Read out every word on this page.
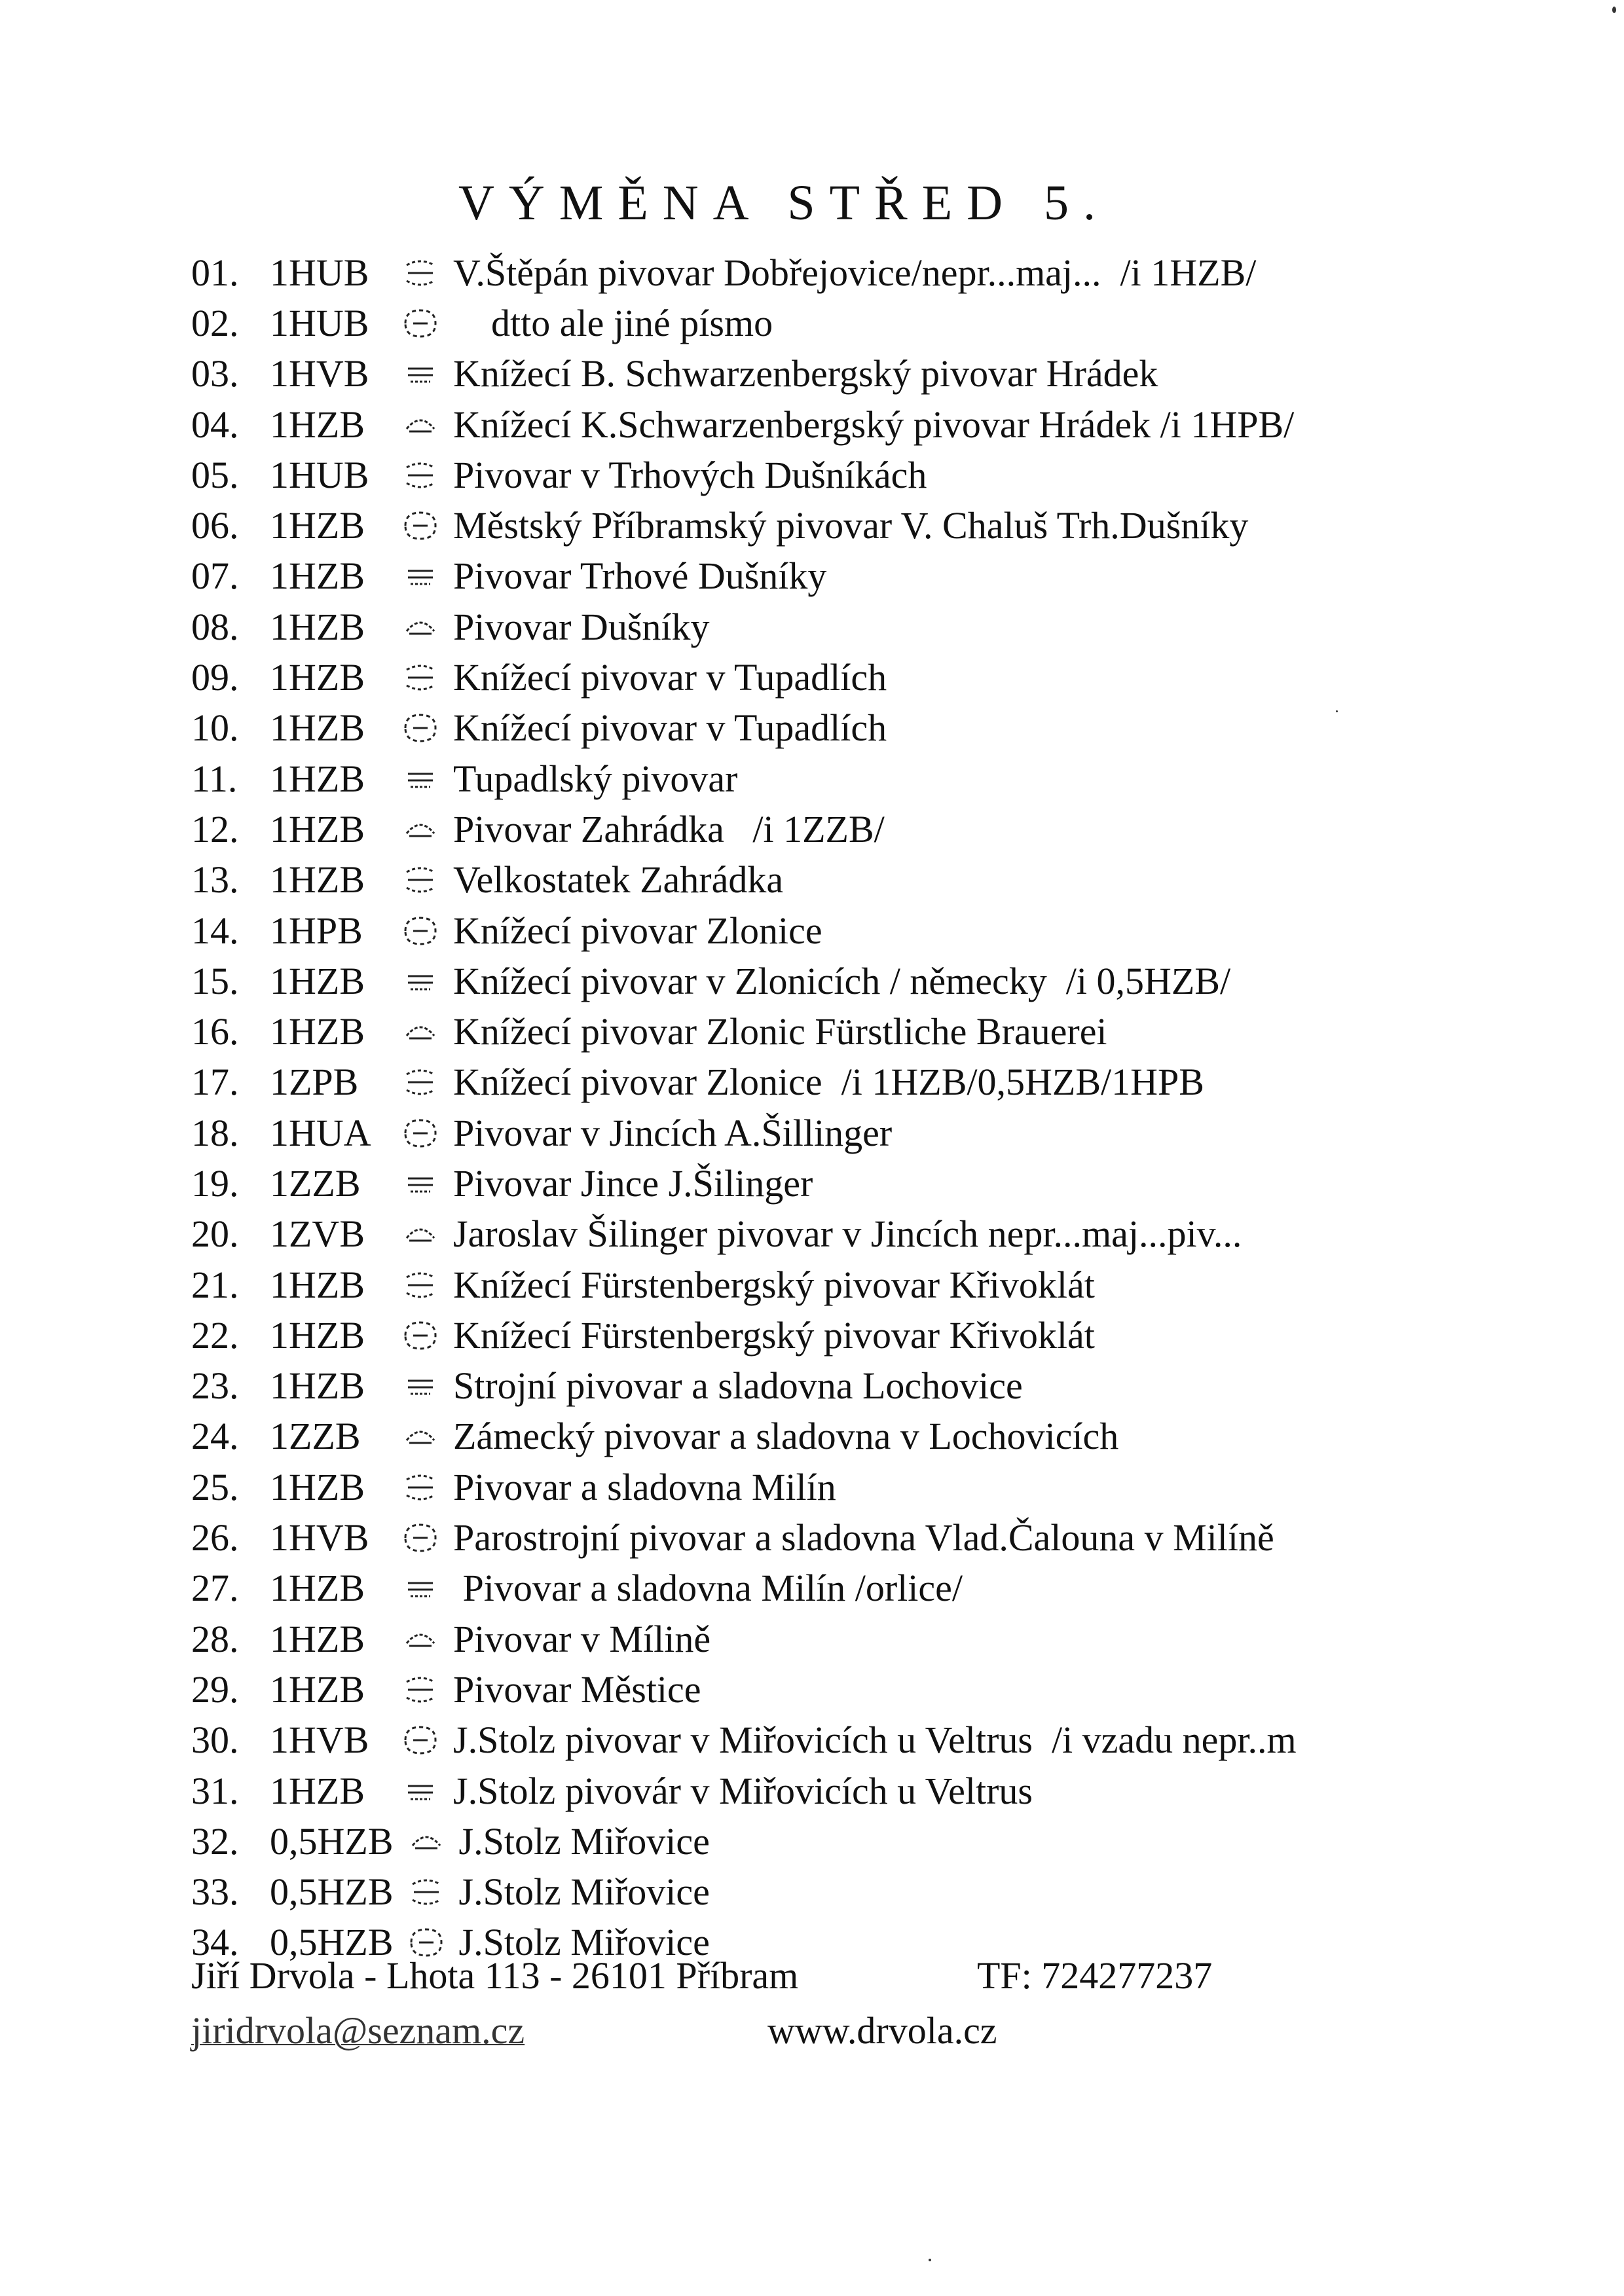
VÝMĚNA STŘED 5.
01. 1HUB	V.Štěpán pivovar Dobřejovice/nepr...maj...  /i 1HZB/
02. 1HUB	dtto ale jiné písmo
03. 1HVB	Knížecí B. Schwarzenbergský pivovar Hrádek
04. 1HZB	Knížecí K.Schwarzenbergský pivovar Hrádek /i 1HPB/
05. 1HUB	Pivovar v Trhových Dušníkách
06. 1HZB	Městský Příbramský pivovar V. Chaluš Trh.Dušníky
07. 1HZB	Pivovar Trhové Dušníky
08. 1HZB	Pivovar Dušníky
09. 1HZB	Knížecí pivovar v Tupadlích
10. 1HZB	Knížecí pivovar v Tupadlích
11. 1HZB	Tupadlský pivovar
12. 1HZB	Pivovar Zahrádka   /i 1ZZB/
13. 1HZB	Velkostatek Zahrádka
14. 1HPB	Knížecí pivovar Zlonice
15. 1HZB	Knížecí pivovar v Zlonicích / německy  /i 0,5HZB/
16. 1HZB	Knížecí pivovar Zlonic Fürstliche Brauerei
17. 1ZPB	Knížecí pivovar Zlonice  /i 1HZB/0,5HZB/1HPB
18. 1HUA	Pivovar v Jincích A.Šillinger
19. 1ZZB	Pivovar Jince J.Šilinger
20. 1ZVB	Jaroslav Šilinger pivovar v Jincích nepr...maj...piv...
21. 1HZB	Knížecí Fürstenbergský pivovar Křivoklát
22. 1HZB	Knížecí Fürstenbergský pivovar Křivoklát
23. 1HZB	Strojní pivovar a sladovna Lochovice
24. 1ZZB	Zámecký pivovar a sladovna v Lochovicích
25. 1HZB	Pivovar a sladovna Milín
26. 1HVB	Parostrojní pivovar a sladovna Vlad.Čalouna v Milíně
27. 1HZB	Pivovar a sladovna Milín /orlice/
28. 1HZB	Pivovar v Mílině
29. 1HZB	Pivovar Městice
30. 1HVB	J.Stolz pivovar v Miřovicích u Veltrus  /i vzadu nepr..m
31. 1HZB	J.Stolz pivovár v Miřovicích u Veltrus
32. 0,5HZB J.Stolz Miřovice
33. 0,5HZB J.Stolz Miřovice
34. 0,5HZB J.Stolz Miřovice
Jiří Drvola - Lhota 113 - 26101 Příbram	TF: 724277237
jiridrvola@seznam.cz	www.drvola.cz
